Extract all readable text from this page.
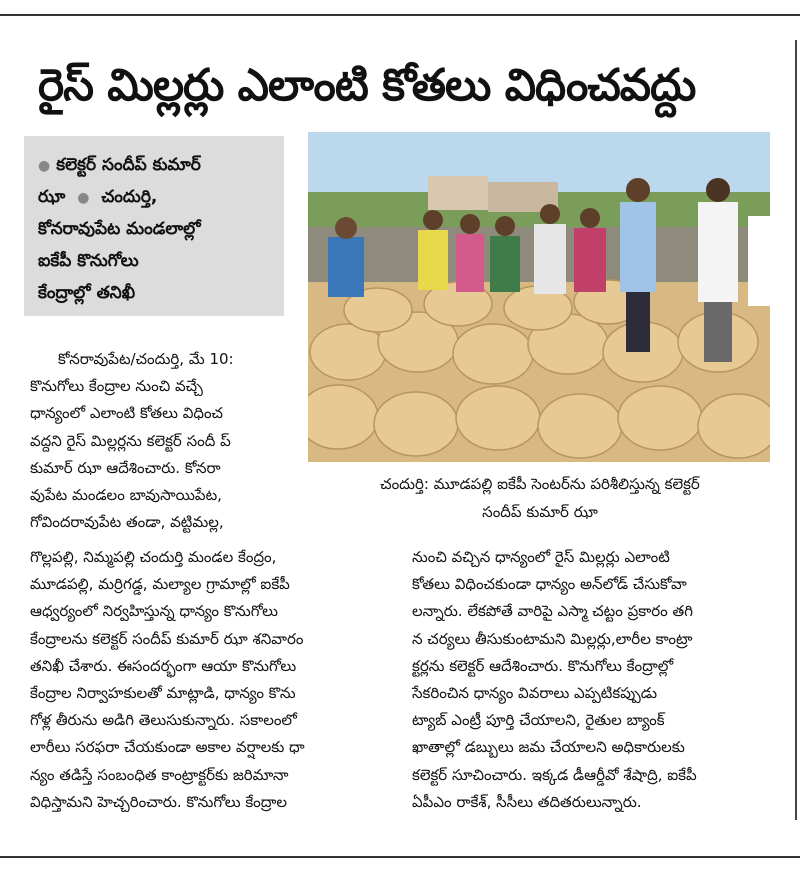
రైస్ మిల్లర్లు ఎలాంటి కోతలు విధించవద్దు
● కలెక్టర్ సందీప్ కుమార్
ఝా ● చందుర్తి,
కోనరావుపేట మండలాల్లో
ఐకేపీ కొనుగోలు
కేంద్రాల్లో తనిఖీ
చందుర్తి: మూడపల్లి ఐకేపీ సెంటర్‌ను పరిశీలిస్తున్న కలెక్టర్
సందీప్ కుమార్ ఝా
కోనరావుపేట/చందుర్తి, మే 10:
కొనుగోలు కేంద్రాల నుంచి వచ్చే
ధాన్యంలో ఎలాంటి కోతలు విధించ
వద్దని రైస్ మిల్లర్లను కలెక్టర్ సందీ ప్
కుమార్ ఝా ఆదేశించారు. కోనరా
వుపేట మండలం బావుసాయిపేట,
గోవిందరావుపేట తండా, వట్టిమల్ల,
గొల్లపల్లి, నిమ్మపల్లి చందుర్తి మండల కేంద్రం,
మూడపల్లి, మర్రిగడ్డ, మల్యాల గ్రామాల్లో ఐకేపీ
ఆధ్వర్యంలో నిర్వహిస్తున్న ధాన్యం కొనుగోలు
కేంద్రాలను కలెక్టర్ సందీప్ కుమార్ ఝా శనివారం
తనిఖీ చేశారు. ఈసందర్భంగా ఆయా కొనుగోలు
కేంద్రాల నిర్వాహకులతో మాట్లాడి, ధాన్యం కొను
గోళ్ల తీరును అడిగి తెలుసుకున్నారు. సకాలంలో
లారీలు సరఫరా చేయకుండా అకాల వర్షాలకు ధా
న్యం తడిస్తే సంబంధిత కాంట్రాక్టర్‌కు జరిమానా
విధిస్తామని హెచ్చరించారు. కొనుగోలు కేంద్రాల
నుంచి వచ్చిన ధాన్యంలో రైస్ మిల్లర్లు ఎలాంటి
కోతలు విధించకుండా ధాన్యం అన్‌లోడ్ చేసుకోవా
లన్నారు. లేకపోతే వారిపై ఎస్మా చట్టం ప్రకారం తగి
న చర్యలు తీసుకుంటామని మిల్లర్లు,లారీల కాంట్రా
క్టర్లను కలెక్టర్ ఆదేశించారు. కొనుగోలు కేంద్రాల్లో
సేకరించిన ధాన్యం వివరాలు ఎప్పటికప్పుడు
ట్యాబ్ ఎంట్రీ పూర్తి చేయాలని, రైతుల బ్యాంక్
ఖాతాల్లో డబ్బులు జమ చేయాలని అధికారులకు
కలెక్టర్ సూచించారు. ఇక్కడ డీఆర్డీవో శేషాద్రి, ఐకేపీ
ఏపీఎం రాకేశ్, సీసీలు తదితరులున్నారు.
